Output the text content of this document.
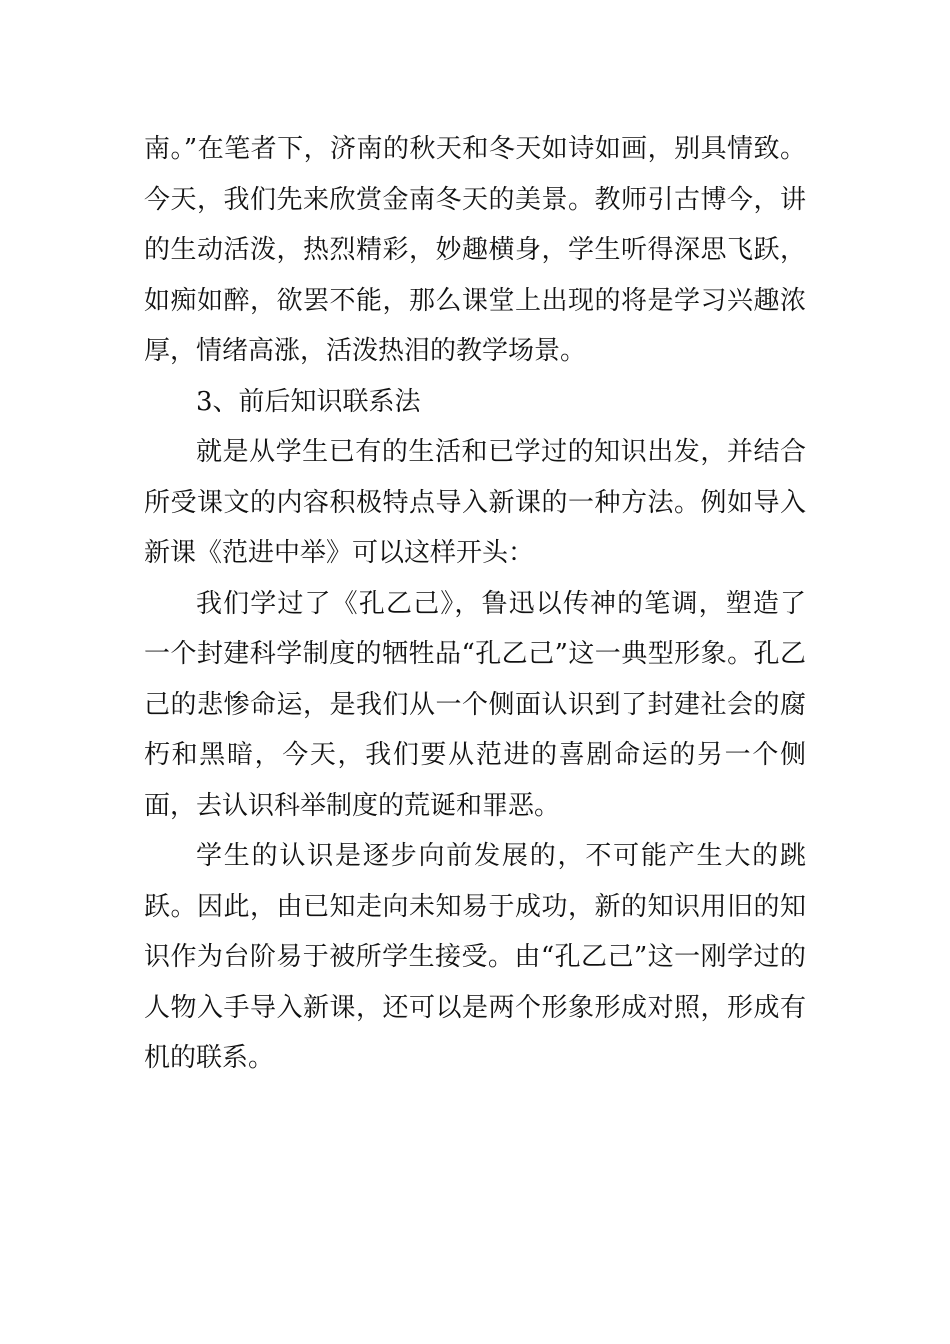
南。”在笔者下，济南的秋天和冬天如诗如画，别具情致。今天，我们先来欣赏金南冬天的美景。教师引古博今，讲的生动活泼，热烈精彩，妙趣横身，学生听得深思飞跃，如痴如醉，欲罢不能，那么课堂上出现的将是学习兴趣浓厚，情绪高涨，活泼热泪的教学场景。

3、前后知识联系法

就是从学生已有的生活和已学过的知识出发，并结合所受课文的内容积极特点导入新课的一种方法。例如导入新课《范进中举》可以这样开头：

我们学过了《孔乙己》，鲁迅以传神的笔调，塑造了一个封建科学制度的牺牲品“孔乙己”这一典型形象。孔乙己的悲惨命运，是我们从一个侧面认识到了封建社会的腐朽和黑暗，今天，我们要从范进的喜剧命运的另一个侧面，去认识科举制度的荒诞和罪恶。

学生的认识是逐步向前发展的，不可能产生大的跳跃。因此，由已知走向未知易于成功，新的知识用旧的知识作为台阶易于被所学生接受。由“孔乙己”这一刚学过的人物入手导入新课，还可以是两个形象形成对照，形成有机的联系。
